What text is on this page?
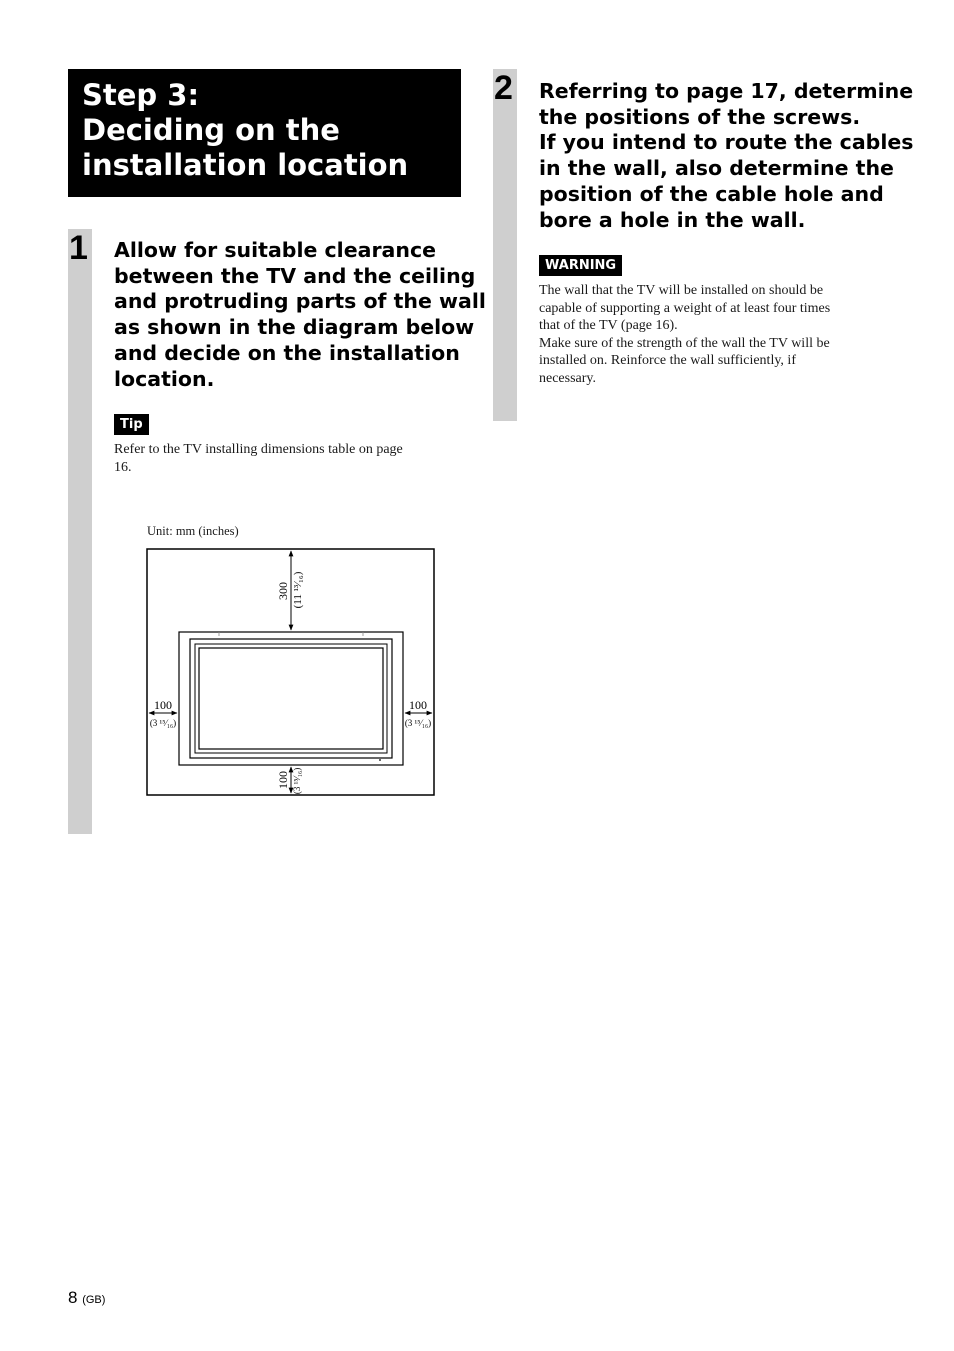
Step 3:
Deciding on the
installation location
1 Allow for suitable clearance
between the TV and the ceiling
and protruding parts of the wall
as shown in the diagram below
and decide on the installation
location.
Tip
Refer to the TV installing dimensions table on page
16.
Unit: mm (inches)
300 (11 ¹³⁄₁₆)
100
(3 ¹⁵⁄₁₆)
100
(3 ¹⁵⁄₁₆)
100 (3 ¹⁵⁄₁₆)
2 Referring to page 17, determine
the positions of the screws.
If you intend to route the cables
in the wall, also determine the
position of the cable hole and
bore a hole in the wall.
WARNING
The wall that the TV will be installed on should be
capable of supporting a weight of at least four times
that of the TV (page 16).
Make sure of the strength of the wall the TV will be
installed on. Reinforce the wall sufficiently, if
necessary.
8 (GB)
